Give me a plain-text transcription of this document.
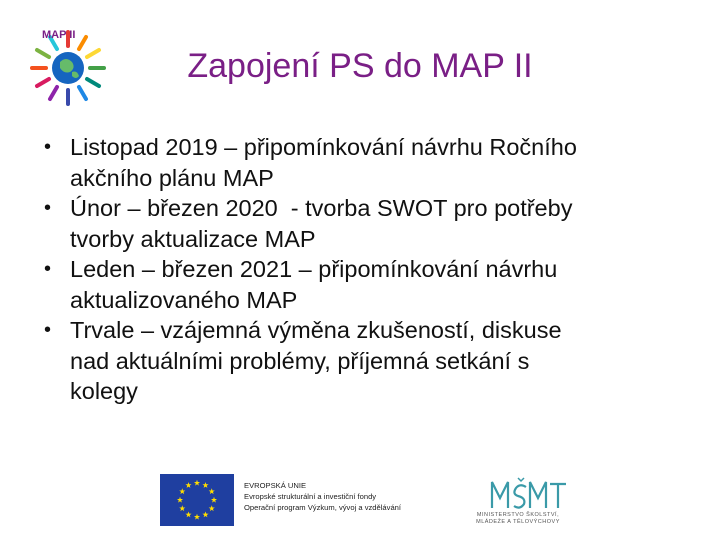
MAP II
Zapojení PS do MAP II
• Listopad 2019 – připomínkování návrhu Ročního
akčního plánu MAP
• Únor – březen 2020  - tvorba SWOT pro potřeby
tvorby aktualizace MAP
• Leden – březen 2021 – připomínkování návrhu
aktualizovaného MAP
• Trvale – vzájemná výměna zkušeností, diskuse
nad aktuálními problémy, příjemná setkání s
kolegy
EVROPSKÁ UNIE
Evropské strukturální a investiční fondy
Operační program Výzkum, vývoj a vzdělávání
MINISTERSTVO ŠKOLSTVÍ,
MLÁDEŽE A TĚLOVÝCHOVY
